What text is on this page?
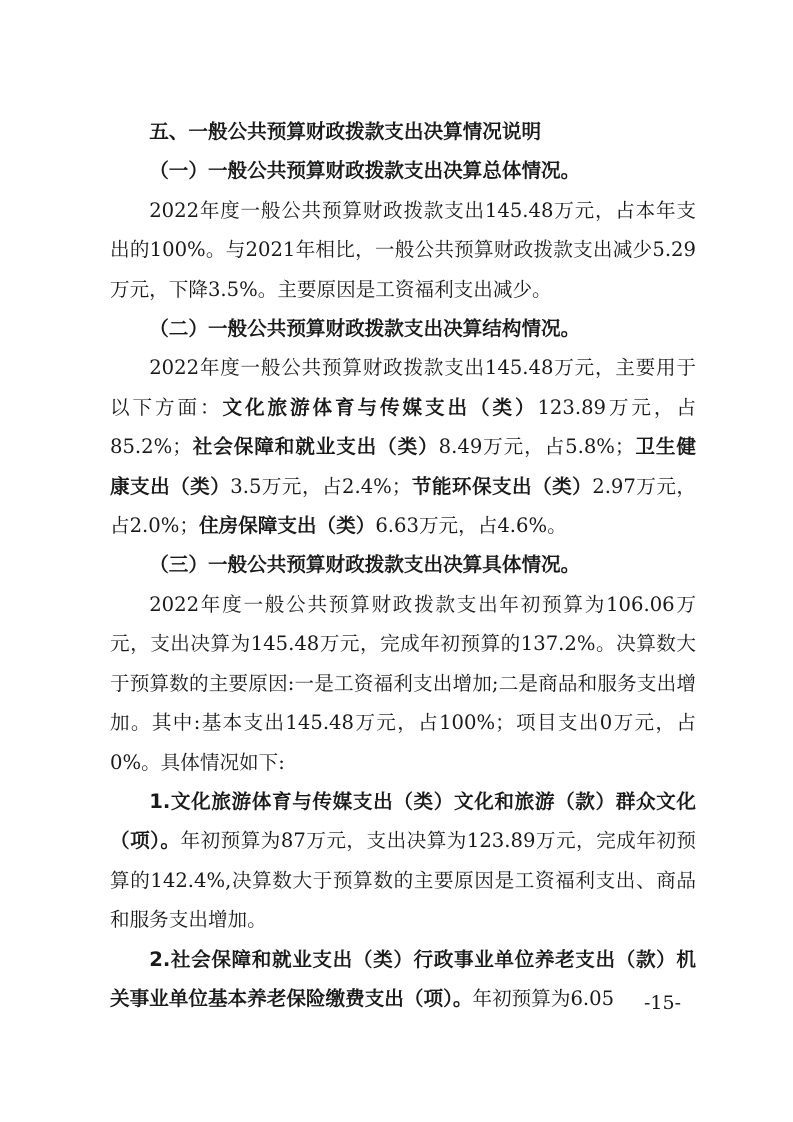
五、一般公共预算财政拨款支出决算情况说明

（一）一般公共预算财政拨款支出决算总体情况。

2022年度一般公共预算财政拨款支出145.48万元，占本年支出的100%。与2021年相比，一般公共预算财政拨款支出减少5.29万元，下降3.5%。主要原因是工资福利支出减少。

（二）一般公共预算财政拨款支出决算结构情况。

2022年度一般公共预算财政拨款支出145.48万元，主要用于以下方面：文化旅游体育与传媒支出（类）123.89万元，占85.2%；社会保障和就业支出（类）8.49万元，占5.8%；卫生健康支出（类）3.5万元，占2.4%；节能环保支出（类）2.97万元，占2.0%；住房保障支出（类）6.63万元，占4.6%。

（三）一般公共预算财政拨款支出决算具体情况。

2022年度一般公共预算财政拨款支出年初预算为106.06万元，支出决算为145.48万元，完成年初预算的137.2%。决算数大于预算数的主要原因:一是工资福利支出增加;二是商品和服务支出增加。其中:基本支出145.48万元，占100%；项目支出0万元，占0%。具体情况如下:

1.文化旅游体育与传媒支出（类）文化和旅游（款）群众文化（项）。年初预算为87万元，支出决算为123.89万元，完成年初预算的142.4%,决算数大于预算数的主要原因是工资福利支出、商品和服务支出增加。

2.社会保障和就业支出（类）行政事业单位养老支出（款）机关事业单位基本养老保险缴费支出（项）。年初预算为6.05	-15-
